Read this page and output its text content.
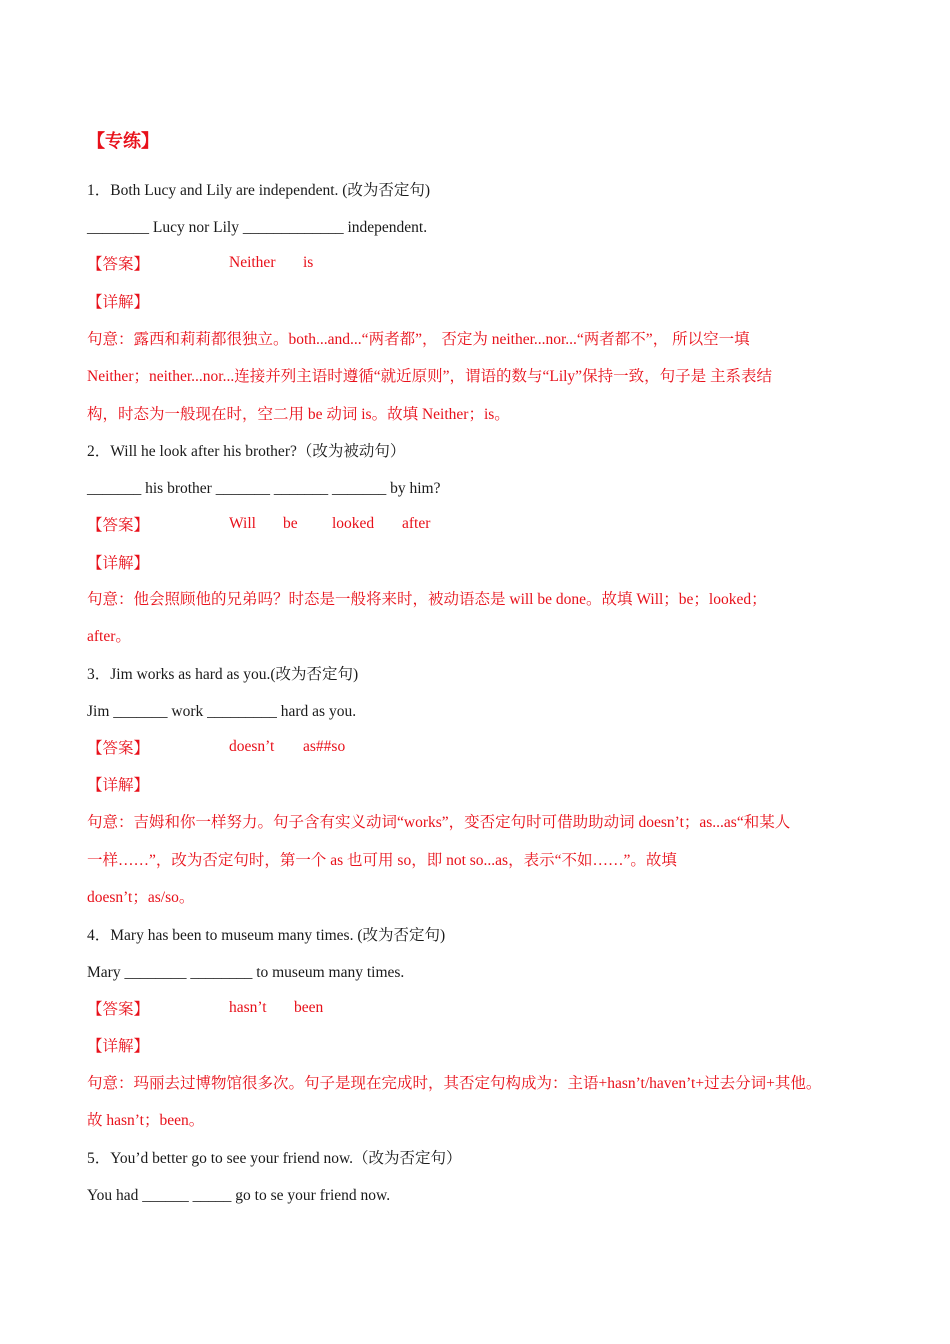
【专练】
1．Both Lucy and Lily are independent. (改为否定句)
________ Lucy nor Lily _____________ independent.
【答案】	Neither is
【详解】
句意：露西和莉莉都很独立。both...and...“两者都”， 否定为 neither...nor...“两者都不”， 所以空一填
Neither；neither...nor...连接并列主语时遵循“就近原则”，谓语的数与“Lily”保持一致，句子是 主系表结
构，时态为一般现在时，空二用 be 动词 is。故填 Neither；is。
2．Will he look after his brother?（改为被动句）
_______ his brother _______ _______ _______ by him?
【答案】	Will be looked after
【详解】
句意：他会照顾他的兄弟吗？时态是一般将来时，被动语态是 will be done。故填 Will；be；looked；
after。
3．Jim works as hard as you.(改为否定句)
Jim _______ work _________ hard as you.
【答案】	doesn’t as##so
【详解】
句意：吉姆和你一样努力。句子含有实义动词“works”，变否定句时可借助助动词 doesn’t；as...as“和某人
一样……”，改为否定句时，第一个 as 也可用 so，即 not so...as，表示“不如……”。故填
doesn’t；as/so。
4．Mary has been to museum many times. (改为否定句)
Mary ________ ________ to museum many times.
【答案】	hasn’t been
【详解】
句意：玛丽去过博物馆很多次。句子是现在完成时，其否定句构成为：主语+hasn’t/haven’t+过去分词+其他。
故 hasn’t；been。
5．You’d better go to see your friend now.（改为否定句）
You had ______ _____ go to se your friend now.
